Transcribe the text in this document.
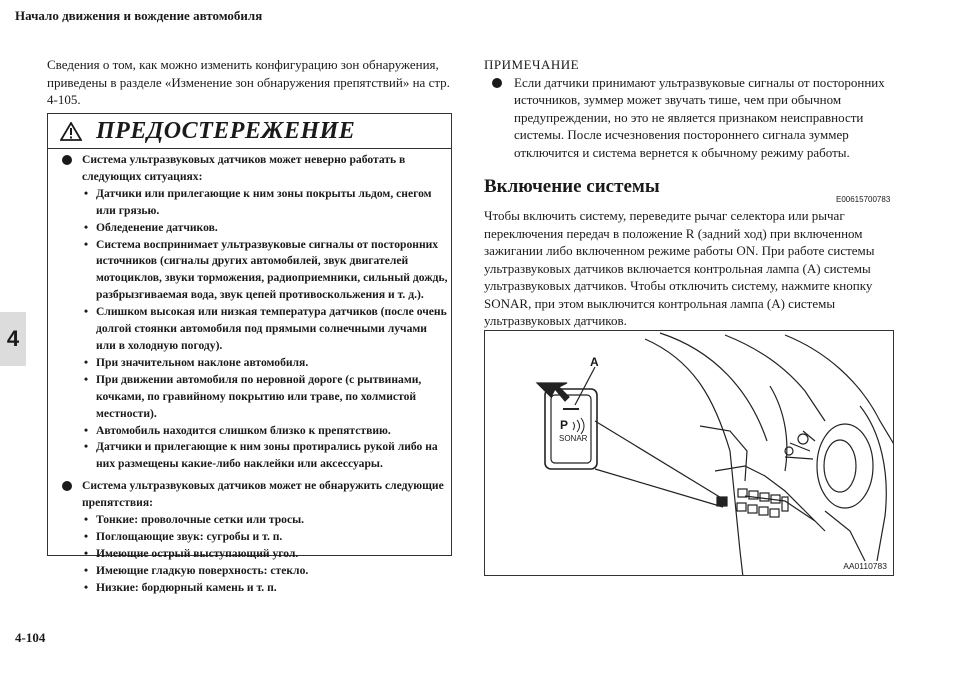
Начало движения и вождение автомобиля
4
4-104

Сведения о том, как можно изменить конфигурацию зон обнаружения, приведены в разделе «Изменение зон обнаружения препятствий» на стр. 4-105.

ПРЕДОСТЕРЕЖЕНИЕ
Система ультразвуковых датчиков может неверно работать в следующих ситуациях:
• Датчики или прилегающие к ним зоны покрыты льдом, снегом или грязью.
• Обледенение датчиков.
• Система воспринимает ультразвуковые сигналы от посторонних источников (сигналы других автомобилей, звук двигателей мотоциклов, звуки торможения, радиоприемники, сильный дождь, разбрызгиваемая вода, звук цепей противоскольжения и т. д.).
• Слишком высокая или низкая температура датчиков (после очень долгой стоянки автомобиля под прямыми солнечными лучами или в холодную погоду).
• При значительном наклоне автомобиля.
• При движении автомобиля по неровной дороге (с рытвинами, кочками, по гравийному покрытию или траве, по холмистой местности).
• Автомобиль находится слишком близко к препятствию.
• Датчики и прилегающие к ним зоны протирались рукой либо на них размещены какие-либо наклейки или аксессуары.
Система ультразвуковых датчиков может не обнаружить следующие препятствия:
• Тонкие: проволочные сетки или тросы.
• Поглощающие звук: сугробы и т. п.
• Имеющие острый выступающий угол.
• Имеющие гладкую поверхность: стекло.
• Низкие: бордюрный камень и т. п.
ПРИМЕЧАНИЕ
Если датчики принимают ультразвуковые сигналы от посторонних источников, зуммер может звучать тише, чем при обычном предупреждении, но это не является признаком неисправности системы. После исчезновения постороннего сигнала зуммер отключится и система вернется к обычному режиму работы.
Включение системы
E00615700783

Чтобы включить систему, переведите рычаг селектора или рычаг переключения передач в положение R (задний ход) при включенном зажигании либо включенном режиме работы ON. При работе системы ультразвуковых датчиков включается контрольная лампа (A) системы ультразвуковых датчиков. Чтобы отключить систему, нажмите кнопку SONAR, при этом выключится контрольная лампа (A) системы ультразвуковых датчиков.

A
P
SONAR
AA0110783
